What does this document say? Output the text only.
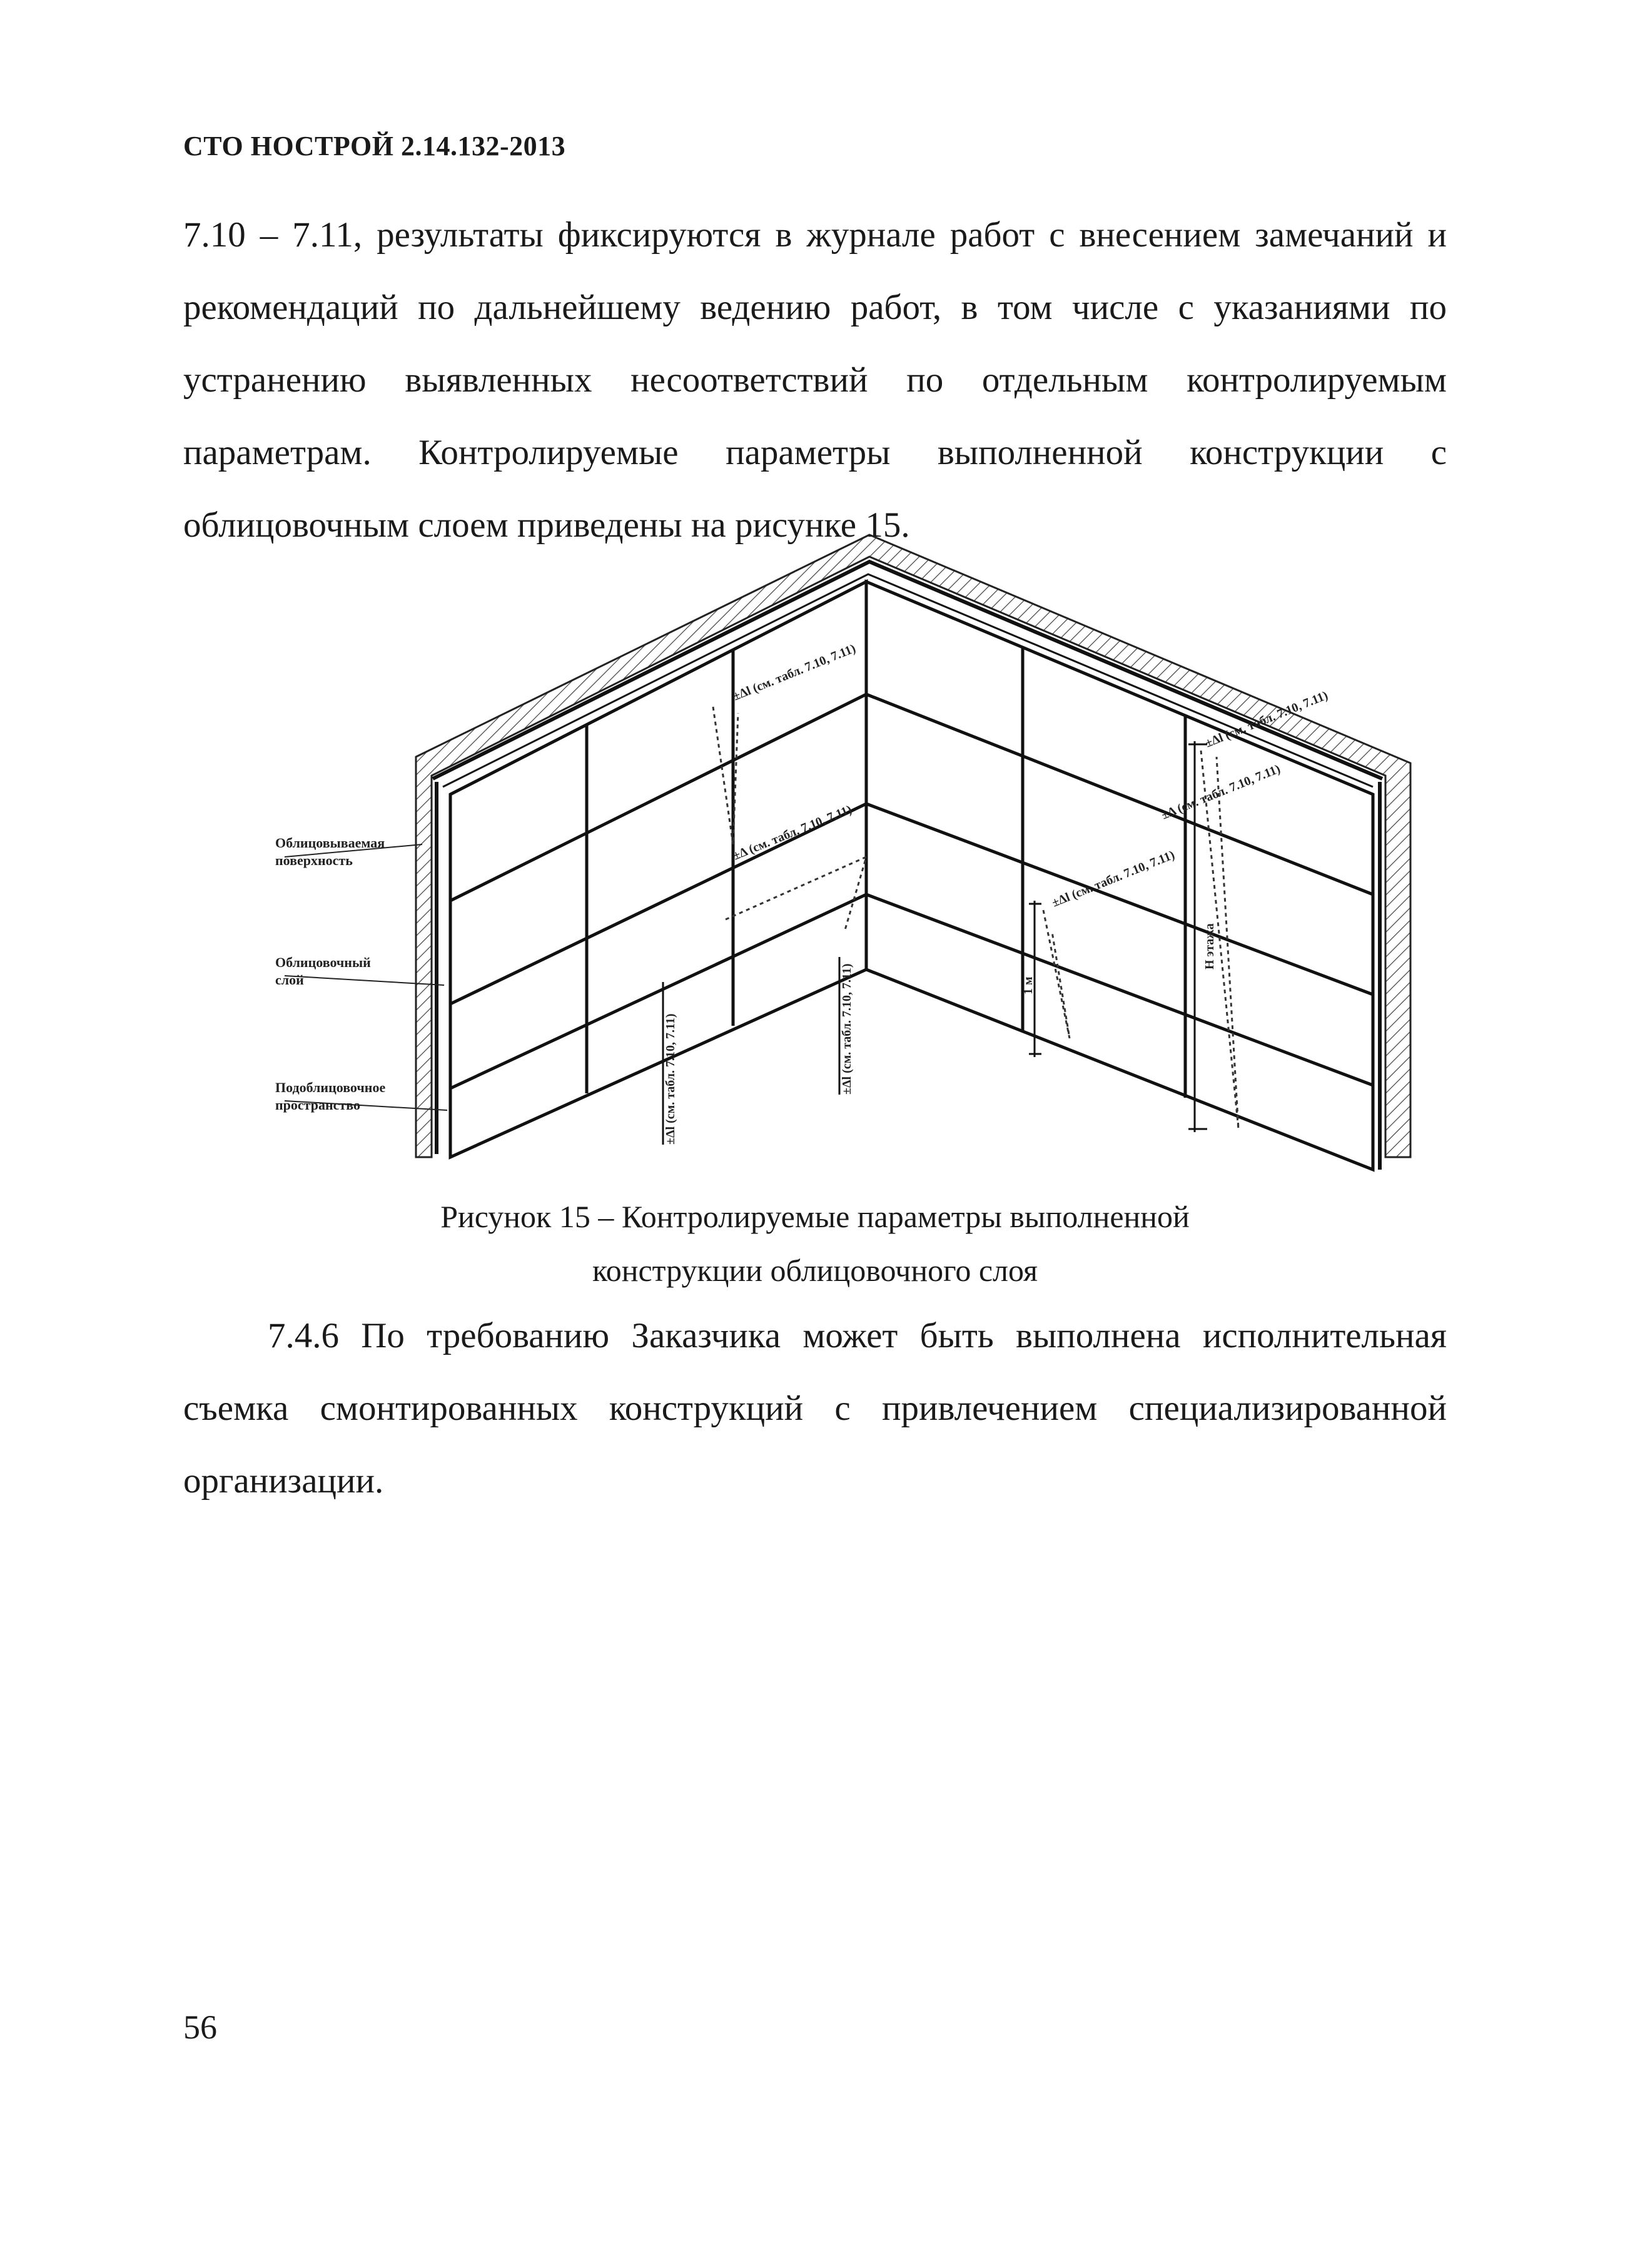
СТО НОСТРОЙ 2.14.132-2013

7.10 – 7.11, результаты фиксируются в журнале работ с внесением замечаний и рекомендаций по дальнейшему ведению работ, в том числе с указаниями по устранению выявленных несоответствий по отдельным контролируемым параметрам. Контролируемые параметры выполненной конструкции с облицовочным слоем приведены на рисунке 15.

Облицовываемая
поверхность
Облицовочный
слой
Подоблицовочное
пространство
±Δl (см. табл. 7.10, 7.11)
±Δ (см. табл. 7.10, 7.11)
±Δl (см. табл. 7.10, 7.11)
±Δl (см. табл. 7.10, 7.11)
±Δ (см. табл. 7.10, 7.11)
±Δl (см. табл. 7.10, 7.11)	±Δl (см. табл. 7.10, 7.11)	1 м
Н этажа
Рисунок 15 – Контролируемые параметры выполненной
конструкции облицовочного слоя

7.4.6 По требованию Заказчика может быть выполнена исполнительная съемка смонтированных конструкций с привлечением специализированной организации.

56
